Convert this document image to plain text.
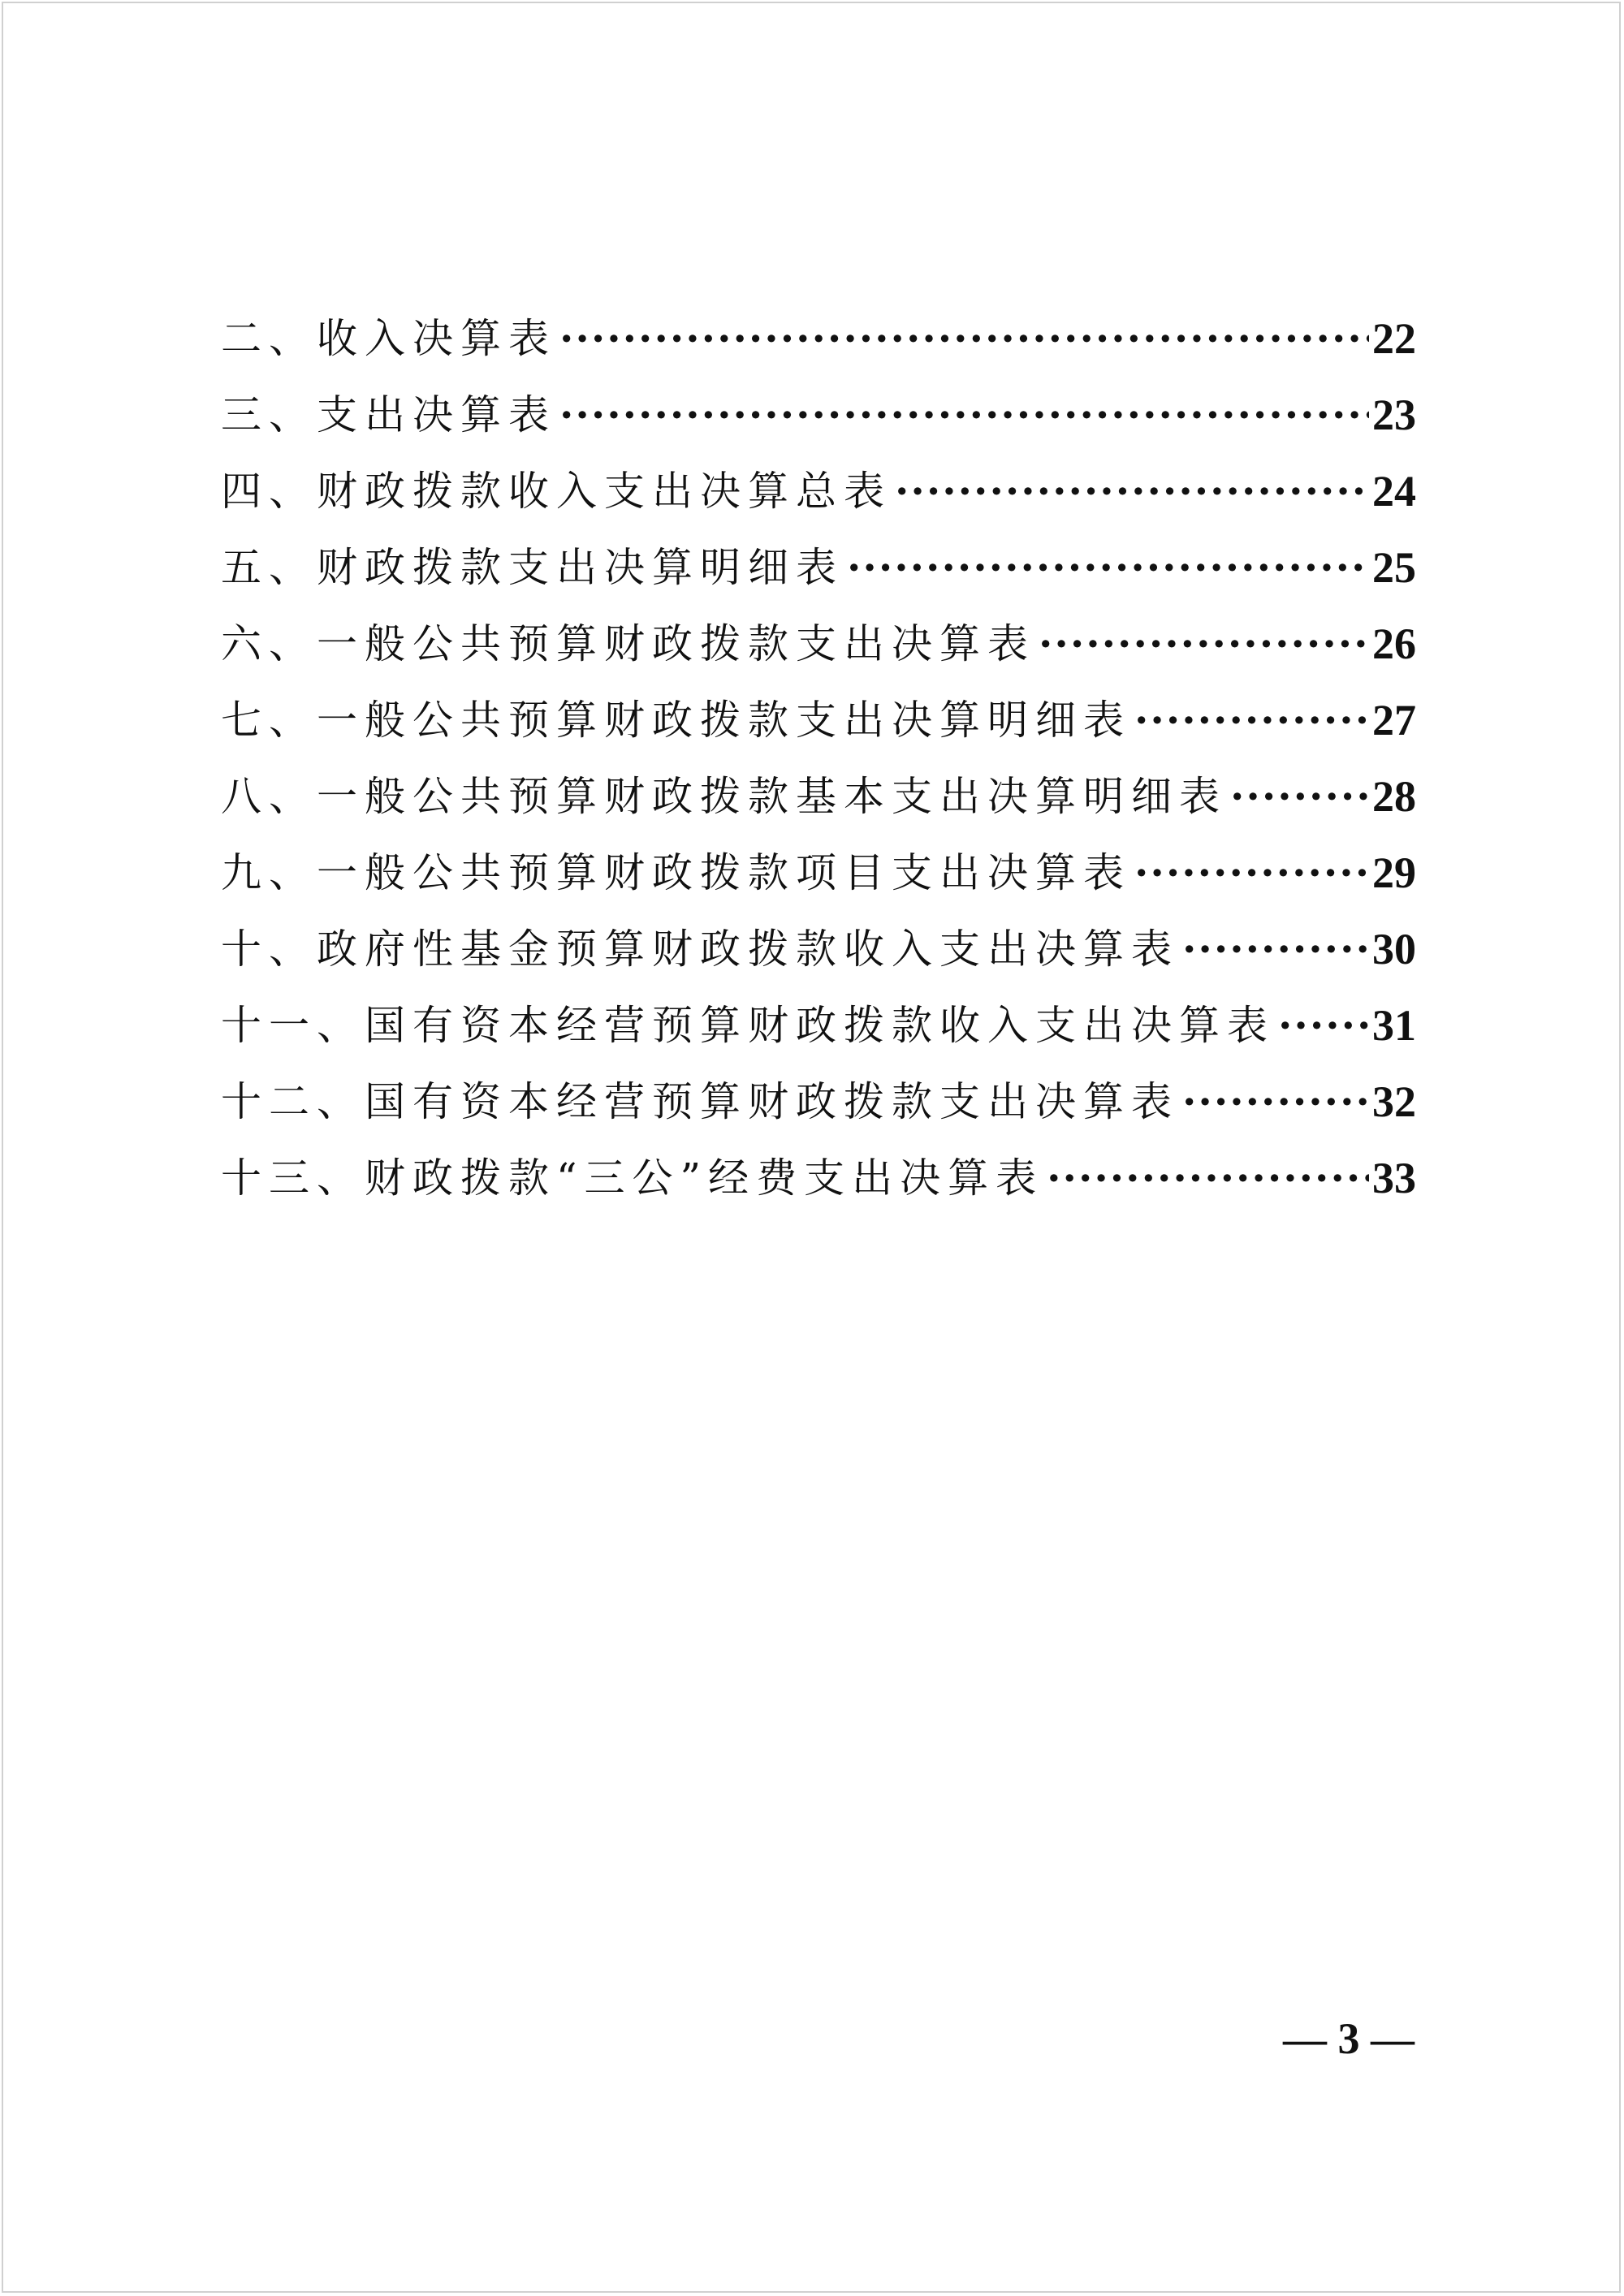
二、收入决算表 ·····	22
三、支出决算表 ·····	23
四、财政拨款收入支出决算总表 ·····	24
五、财政拨款支出决算明细表 ·····	25
六、一般公共预算财政拨款支出决算表 ·····	26
七、一般公共预算财政拨款支出决算明细表 ·····	27
八、一般公共预算财政拨款基本支出决算明细表 ·····	28
九、一般公共预算财政拨款项目支出决算表 ·····	29
十、政府性基金预算财政拨款收入支出决算表 ·····	30
十一、国有资本经营预算财政拨款收入支出决算表 ····· 31
十二、国有资本经营预算财政拨款支出决算表 ·····	32
十三、财政拨款“三公”经费支出决算表 ·····	33
— 3 —
